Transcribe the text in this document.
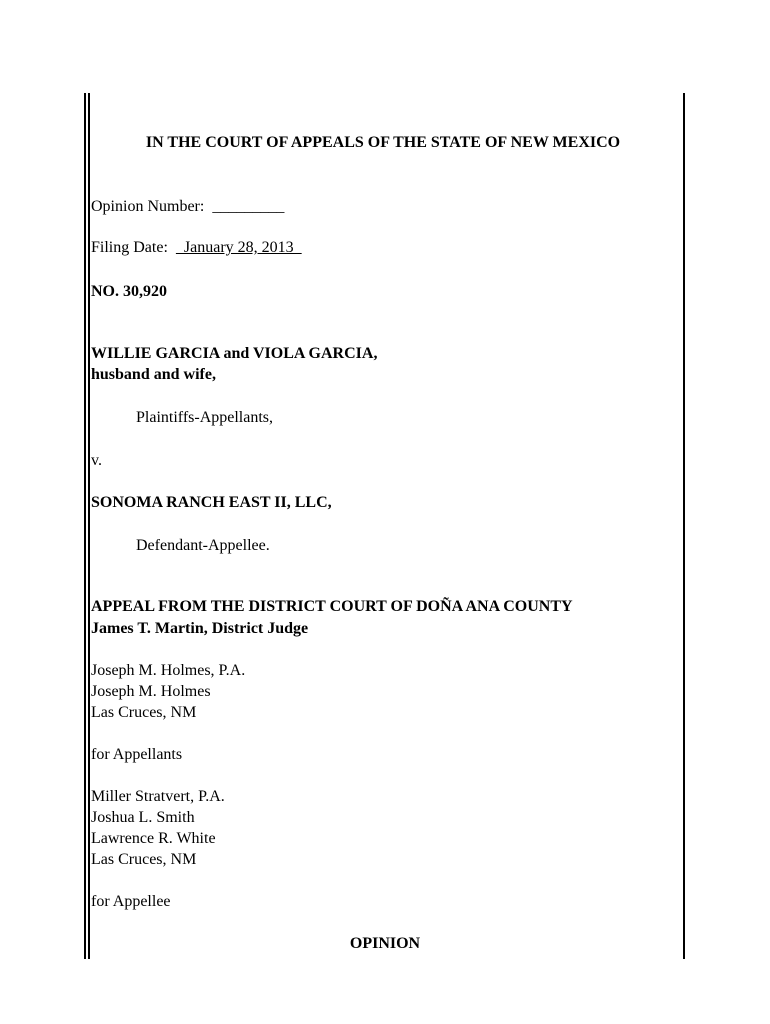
IN THE COURT OF APPEALS OF THE STATE OF NEW MEXICO
Opinion Number: _________
Filing Date:    January 28, 2013
NO. 30,920
WILLIE GARCIA and VIOLA GARCIA,
husband and wife,
Plaintiffs-Appellants,
v.
SONOMA RANCH EAST II, LLC,
Defendant-Appellee.
APPEAL FROM THE DISTRICT COURT OF DOÑA ANA COUNTY
James T. Martin, District Judge
Joseph M. Holmes, P.A.
Joseph M. Holmes
Las Cruces, NM
for Appellants
Miller Stratvert, P.A.
Joshua L. Smith
Lawrence R. White
Las Cruces, NM
for Appellee
OPINION
